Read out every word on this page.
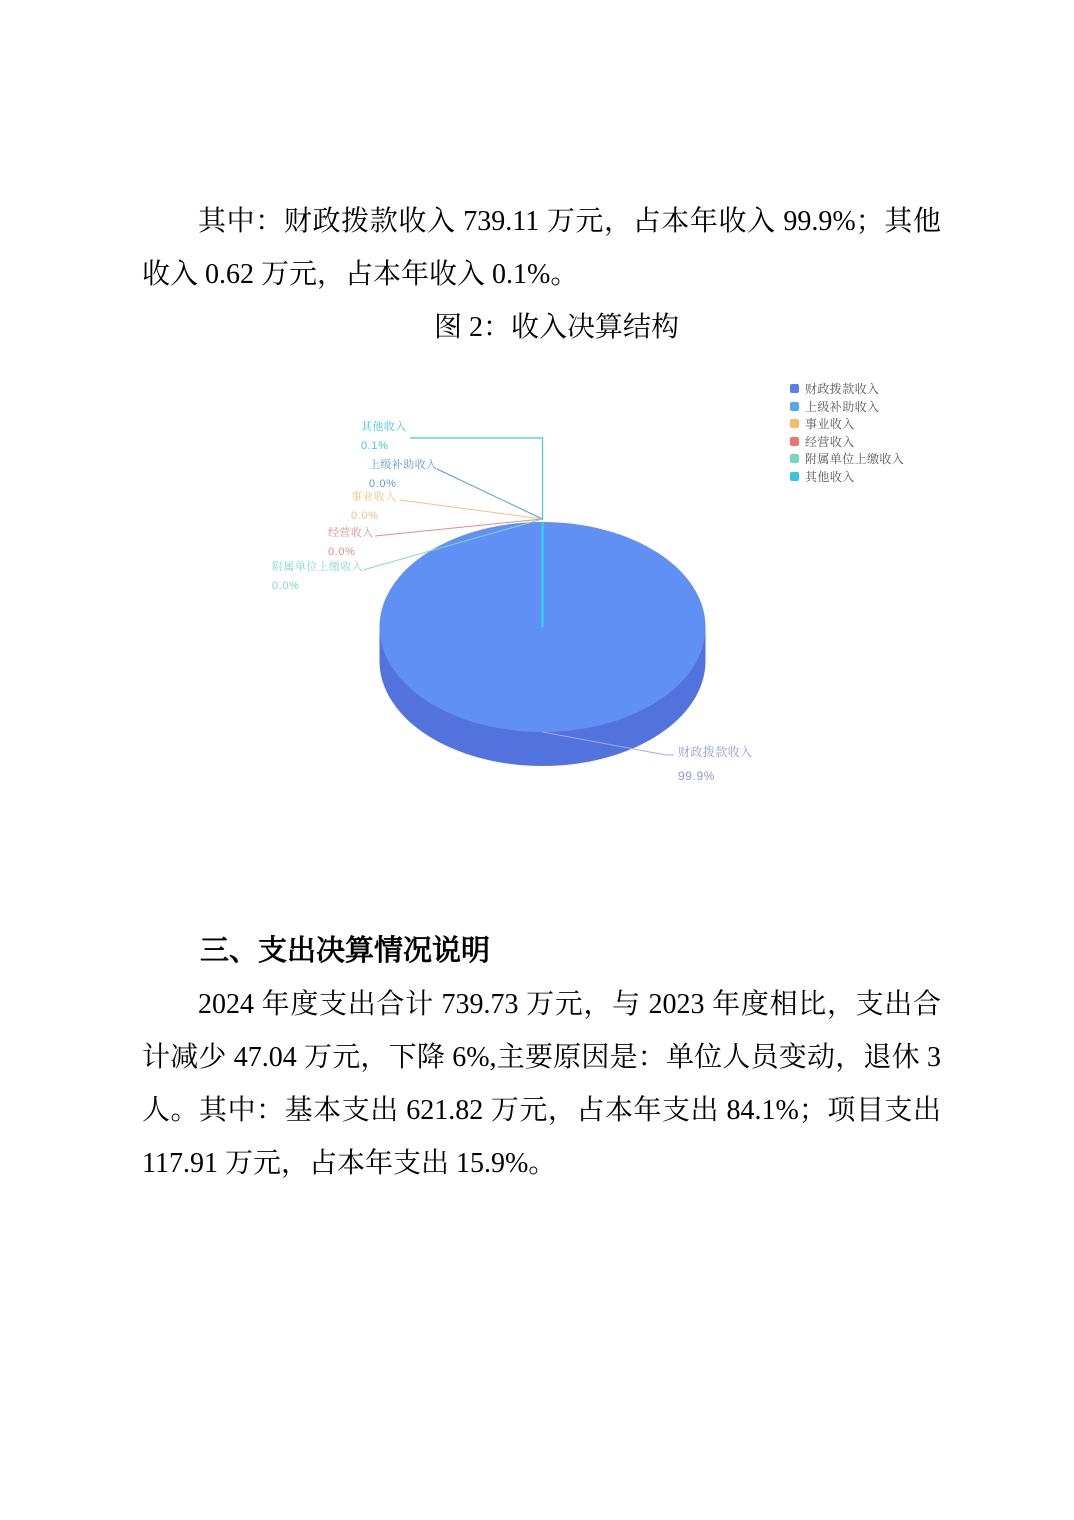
其中：财政拨款收入 739.11 万元，占本年收入 99.9%；其他收入 0.62 万元，占本年收入 0.1%。

图 2：收入决算结构
其他收入
0.1%
上级补助收入
0.0%
事业收入
0.0%
经营收入
0.0%
附属单位上缴收入
0.0%
财政拨款收入
99.9%
财政拨款收入
上级补助收入
事业收入
经营收入
附属单位上缴收入
其他收入
三、支出决算情况说明

2024 年度支出合计 739.73 万元，与 2023 年度相比，支出合计减少 47.04 万元，下降 6%,主要原因是：单位人员变动，退休 3 人。其中：基本支出 621.82 万元，占本年支出 84.1%；项目支出 117.91 万元，占本年支出 15.9%。
